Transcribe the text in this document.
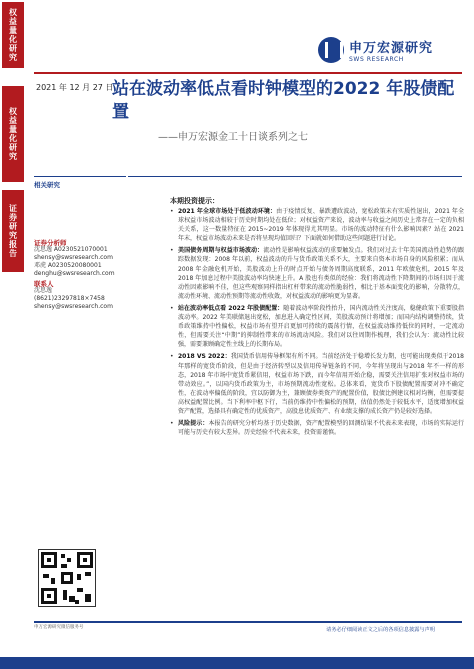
权益量化研究
权益量化研究
证券研究报告
申万宏源研究
SWS RESEARCH
2021 年 12 月 27 日
站在波动率低点看时钟模型的2022 年股债配置
——申万宏源金工十日谈系列之七
相关研究
本期投资提示：
证券分析师
沈思逸 A0230521070001
shensy@swsresearch.com
邓虎 A0230520080001
denghu@swsresearch.com
联系人
沈思逸
(8621)23297818×7458
shensy@swsresearch.com
• 2021 年全球市场处于低波动环境：由于疫情反复、暴跌遭政波动，宽松政策未有实质性退出，2021 年全球权益市场波动相较于历史时期均处在低位；对权益资产来说，波动率与收益之间历史上常存在一定的负相关关系，这一数量特征在 2015~2019 年体现得尤其明显。市场的波动特征有什么影响因素？站在 2021 年末，权益市场波动未来是否将呈现均值回归？下面就如何借助这些问题进行讨论。
• 美国债务周期与权益市场波动：流动性是影响权益波动的重要触发点。我们对过去十年美国流动性趋势的跟踪数据发现：2008 年以前，权益波动的升与货币政策关系不大，主要来自资本市场自身的风险积累；而从 2008 年金融危机开始，美股波动上升的时点开始与债务周期高度联系，2011 年欧债危机，2015 年及 2018 年加息过程中美股波动率均快速上升。A 股也有类似的经验：我们将流动性下降期间的市场归因于流动性因素影响不佳，但这些观察同样指出杠杆带来的流动性脆弱性，相比于基本面变化的影响，分散特点，流动性环境、流动性预期等流动性收敛，对权益波动的影响更为显著。
• 站在波动率低点看 2022 年股债配置：随着波动率阶段性抬升，国内流动性关注度高，稳健政策下重要股指波动率。2022 年美联储退出宽松，加息进入确定性区间，美股波动预计将增加；而国内结构调整持续，货币政策维持中性偏松，权益市场有望开启更加可持续的震荡行情，在权益波动维持低位的同时，一定流动性，但需要关注“中期”的抑制性带来的市场流动风险。我们对以往周期作梳理，我们会认为：流动性比较强，需要兼顾确定性主线上的长期布局。
• 2018 VS 2022：我国货币信用传导框架有所不同。当前经济处于稳增长发力期，也可能出现类似于2018 年那样的宽货币阶段，但是由于经济转型以及信用传导链条的不同，今年将呈现出与2018 年不一样的形态，2018 年市场中宽货币紧信用，权益市场下跌，而今年信用开始企稳，需要关注信用扩张对权益市场的带动效应。”，以国内货币政策为主，市场预期流动性宽松。总体来看，宽货币下股债配置需要对冲不确定性，在波动率偏低的阶段，宜以防御为主，兼顾债券类资产的配置价值，股债比例建议相对均衡，但需要提高权益配置比例。当下利率中枢下行，当前仍维持中性偏松的预期，估值仍然处于较低水平，适度增加权益资产配置，选择具有确定性的优质资产，高股息优质资产、有业绩支撑的成长资产仍是较好选择。
• 风险提示：本报告的研究分析均基于历史数据，资产配置模型的回测结果不代表未来表现，市场的实际运行可能与历史有较大差异。历史经验不代表未来，投资需谨慎。
申万宏源研究微信服务号	请务必仔细阅读正文之后的各项信息披露与声明
